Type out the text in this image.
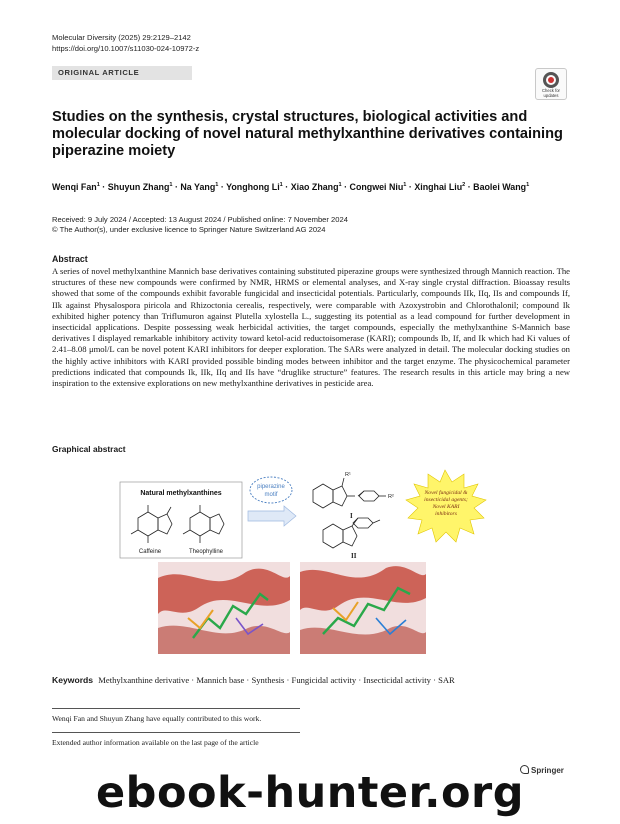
Molecular Diversity (2025) 29:2129–2142
https://doi.org/10.1007/s11030-024-10972-z
ORIGINAL ARTICLE
Check for
updates
Studies on the synthesis, crystal structures, biological activities and molecular docking of novel natural methylxanthine derivatives containing piperazine moiety
Wenqi Fan$^1$ · Shuyun Zhang$^1$ · Na Yang$^1$ · Yonghong $Li^1$ · Xiao Zhang$^1$ · Congwei Niu$^1$ · Xinghai Liu$^2$ · Baolei Wang$^1$
Received: 9 July 2024 / Accepted: 13 August 2024 / Published online: 7 November 2024
© The Author(s), under exclusive licence to Springer Nature Switzerland AG 2024
Abstract

A series of novel methylxanthine Mannich base derivatives containing substituted piperazine groups were synthesized through Mannich reaction. The structures of these new compounds were confirmed by NMR, HRMS or elemental analyses, and X-ray single crystal diffraction. Bioassay results showed that some of the compounds exhibit favorable fungicidal and insecticidal potentials. Particularly, compounds IIk, IIq, IIs and compounds If, IIk against Physalospora piricola and Rhizoctonia cerealis, respectively, were comparable with Azoxystrobin and Chlorothalonil; compound Ik exhibited higher potency than Triflumuron against Plutella xylostella L., suggesting its potential as a lead compound for further development in insecticidal applications. Despite possessing weak herbicidal activities, the target compounds, especially the methylxanthine S-Mannich base derivatives I displayed remarkable inhibitory activity toward ketol-acid reductoisomerase (KARI); compounds Ib, If, and Ik which had Ki values of 2.41–8.08 μmol/L can be novel potent KARI inhibitors for deeper exploration. The SARs were analyzed in detail. The molecular docking studies on the highly active inhibitors with KARI provided possible binding modes between inhibitor and the target enzyme. The physicochemical parameter predictions indicated that compounds Ik, IIk, IIq and IIs have “druglike structure” features. The research results in this article may bring a new inspiration to the extensive explorations on new methylxanthine derivatives in pesticide area.

Graphical abstract
Natural methylxanthines
Caffeine	Theophylline
piperazine
motif
R¹
R²
I
II
Novel fungicidal &
insecticidal agents;
Novel KARI
inhibitors
Keywords Methylxanthine derivative · Mannich base · Synthesis · Fungicidal activity · Insecticidal activity · SAR
Wenqi Fan and Shuyun Zhang have equally contributed to this work.
Extended author information available on the last page of the article
Springer
ebook-hunter.org
